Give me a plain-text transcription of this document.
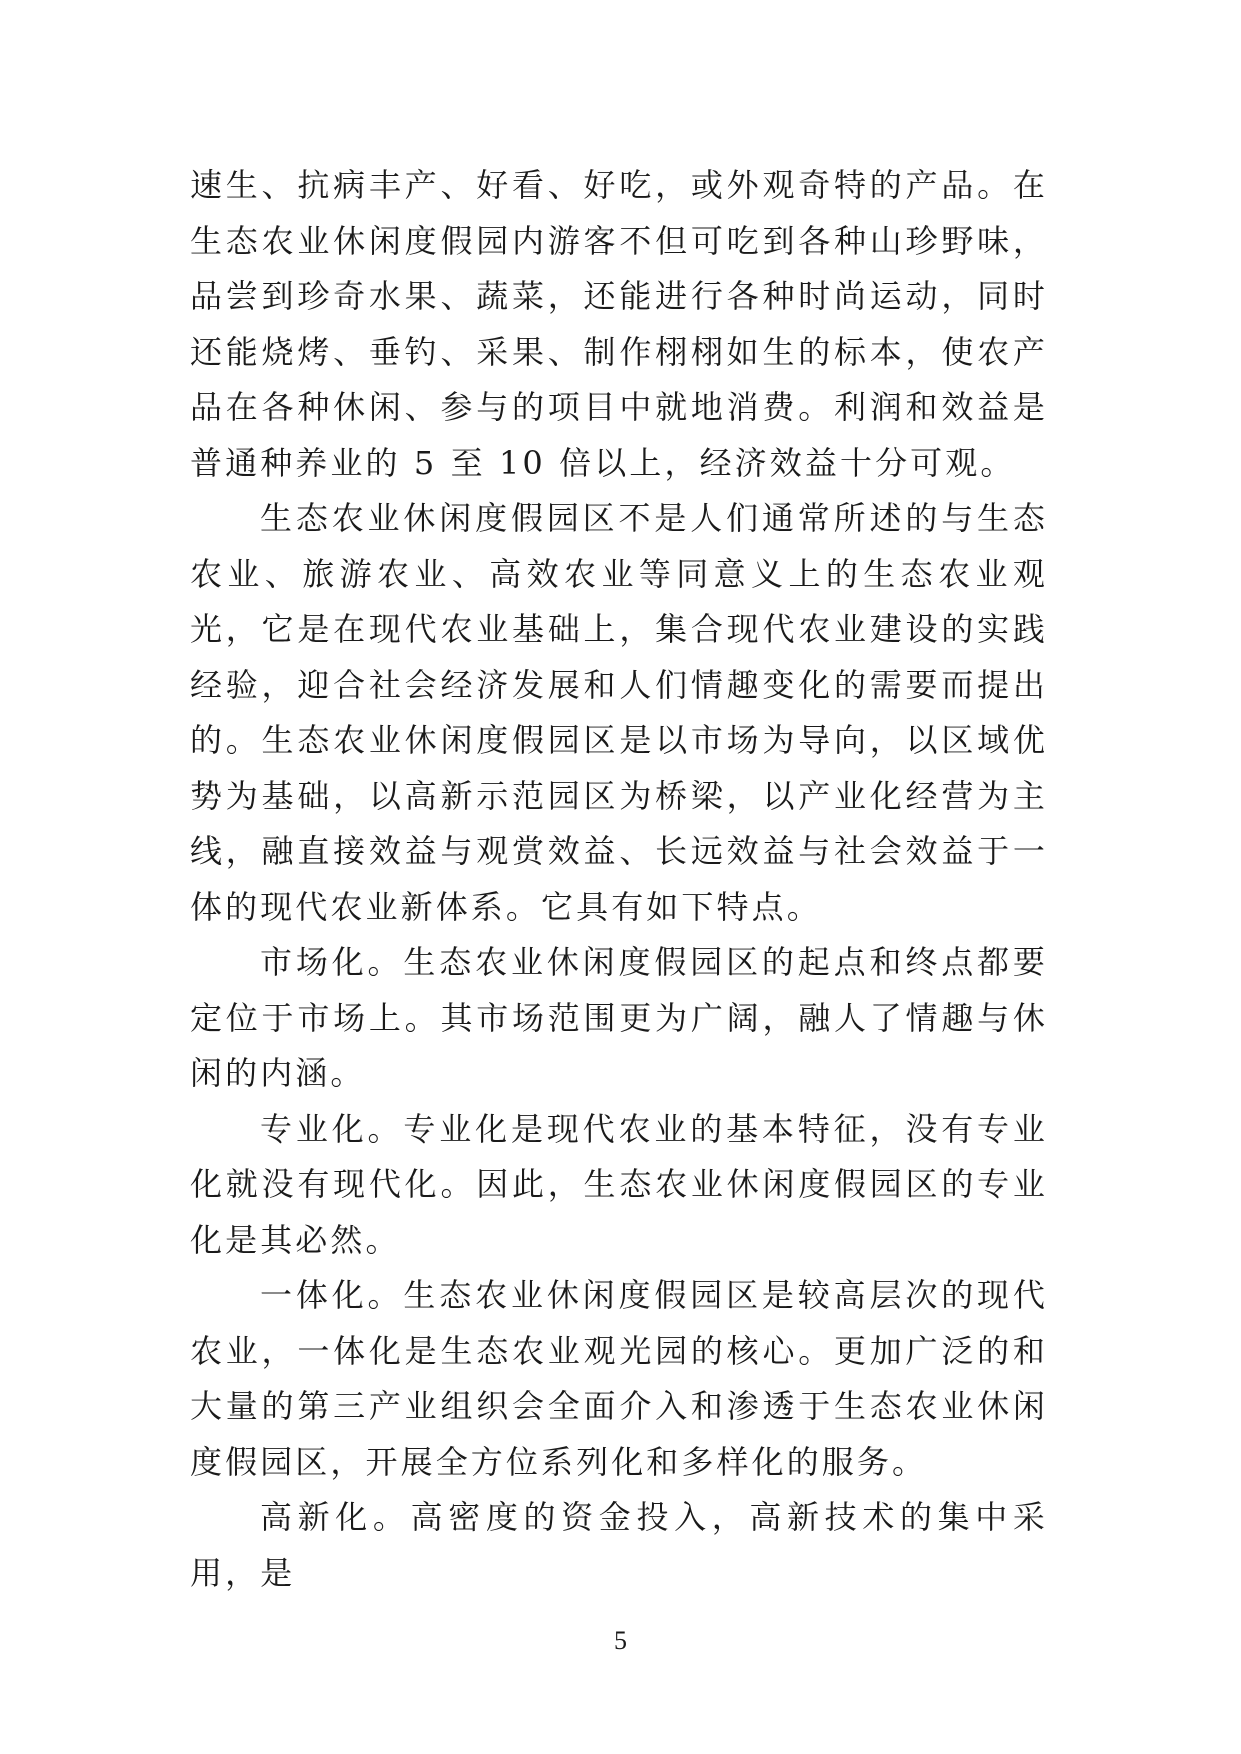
速生、抗病丰产、好看、好吃，或外观奇特的产品。在生态农业休闲度假园内游客不但可吃到各种山珍野味，品尝到珍奇水果、蔬菜，还能进行各种时尚运动，同时还能烧烤、垂钓、采果、制作栩栩如生的标本，使农产品在各种休闲、参与的项目中就地消费。利润和效益是普通种养业的 5 至 10 倍以上，经济效益十分可观。

生态农业休闲度假园区不是人们通常所述的与生态农业、旅游农业、高效农业等同意义上的生态农业观光，它是在现代农业基础上，集合现代农业建设的实践经验，迎合社会经济发展和人们情趣变化的需要而提出的。生态农业休闲度假园区是以市场为导向，以区域优势为基础，以高新示范园区为桥梁，以产业化经营为主线，融直接效益与观赏效益、长远效益与社会效益于一体的现代农业新体系。它具有如下特点。

市场化。生态农业休闲度假园区的起点和终点都要定位于市场上。其市场范围更为广阔，融人了情趣与休闲的内涵。

专业化。专业化是现代农业的基本特征，没有专业化就没有现代化。因此，生态农业休闲度假园区的专业化是其必然。

一体化。生态农业休闲度假园区是较高层次的现代农业，一体化是生态农业观光园的核心。更加广泛的和大量的第三产业组织会全面介入和渗透于生态农业休闲度假园区，开展全方位系列化和多样化的服务。

高新化。高密度的资金投入，高新技术的集中采用，是

5
